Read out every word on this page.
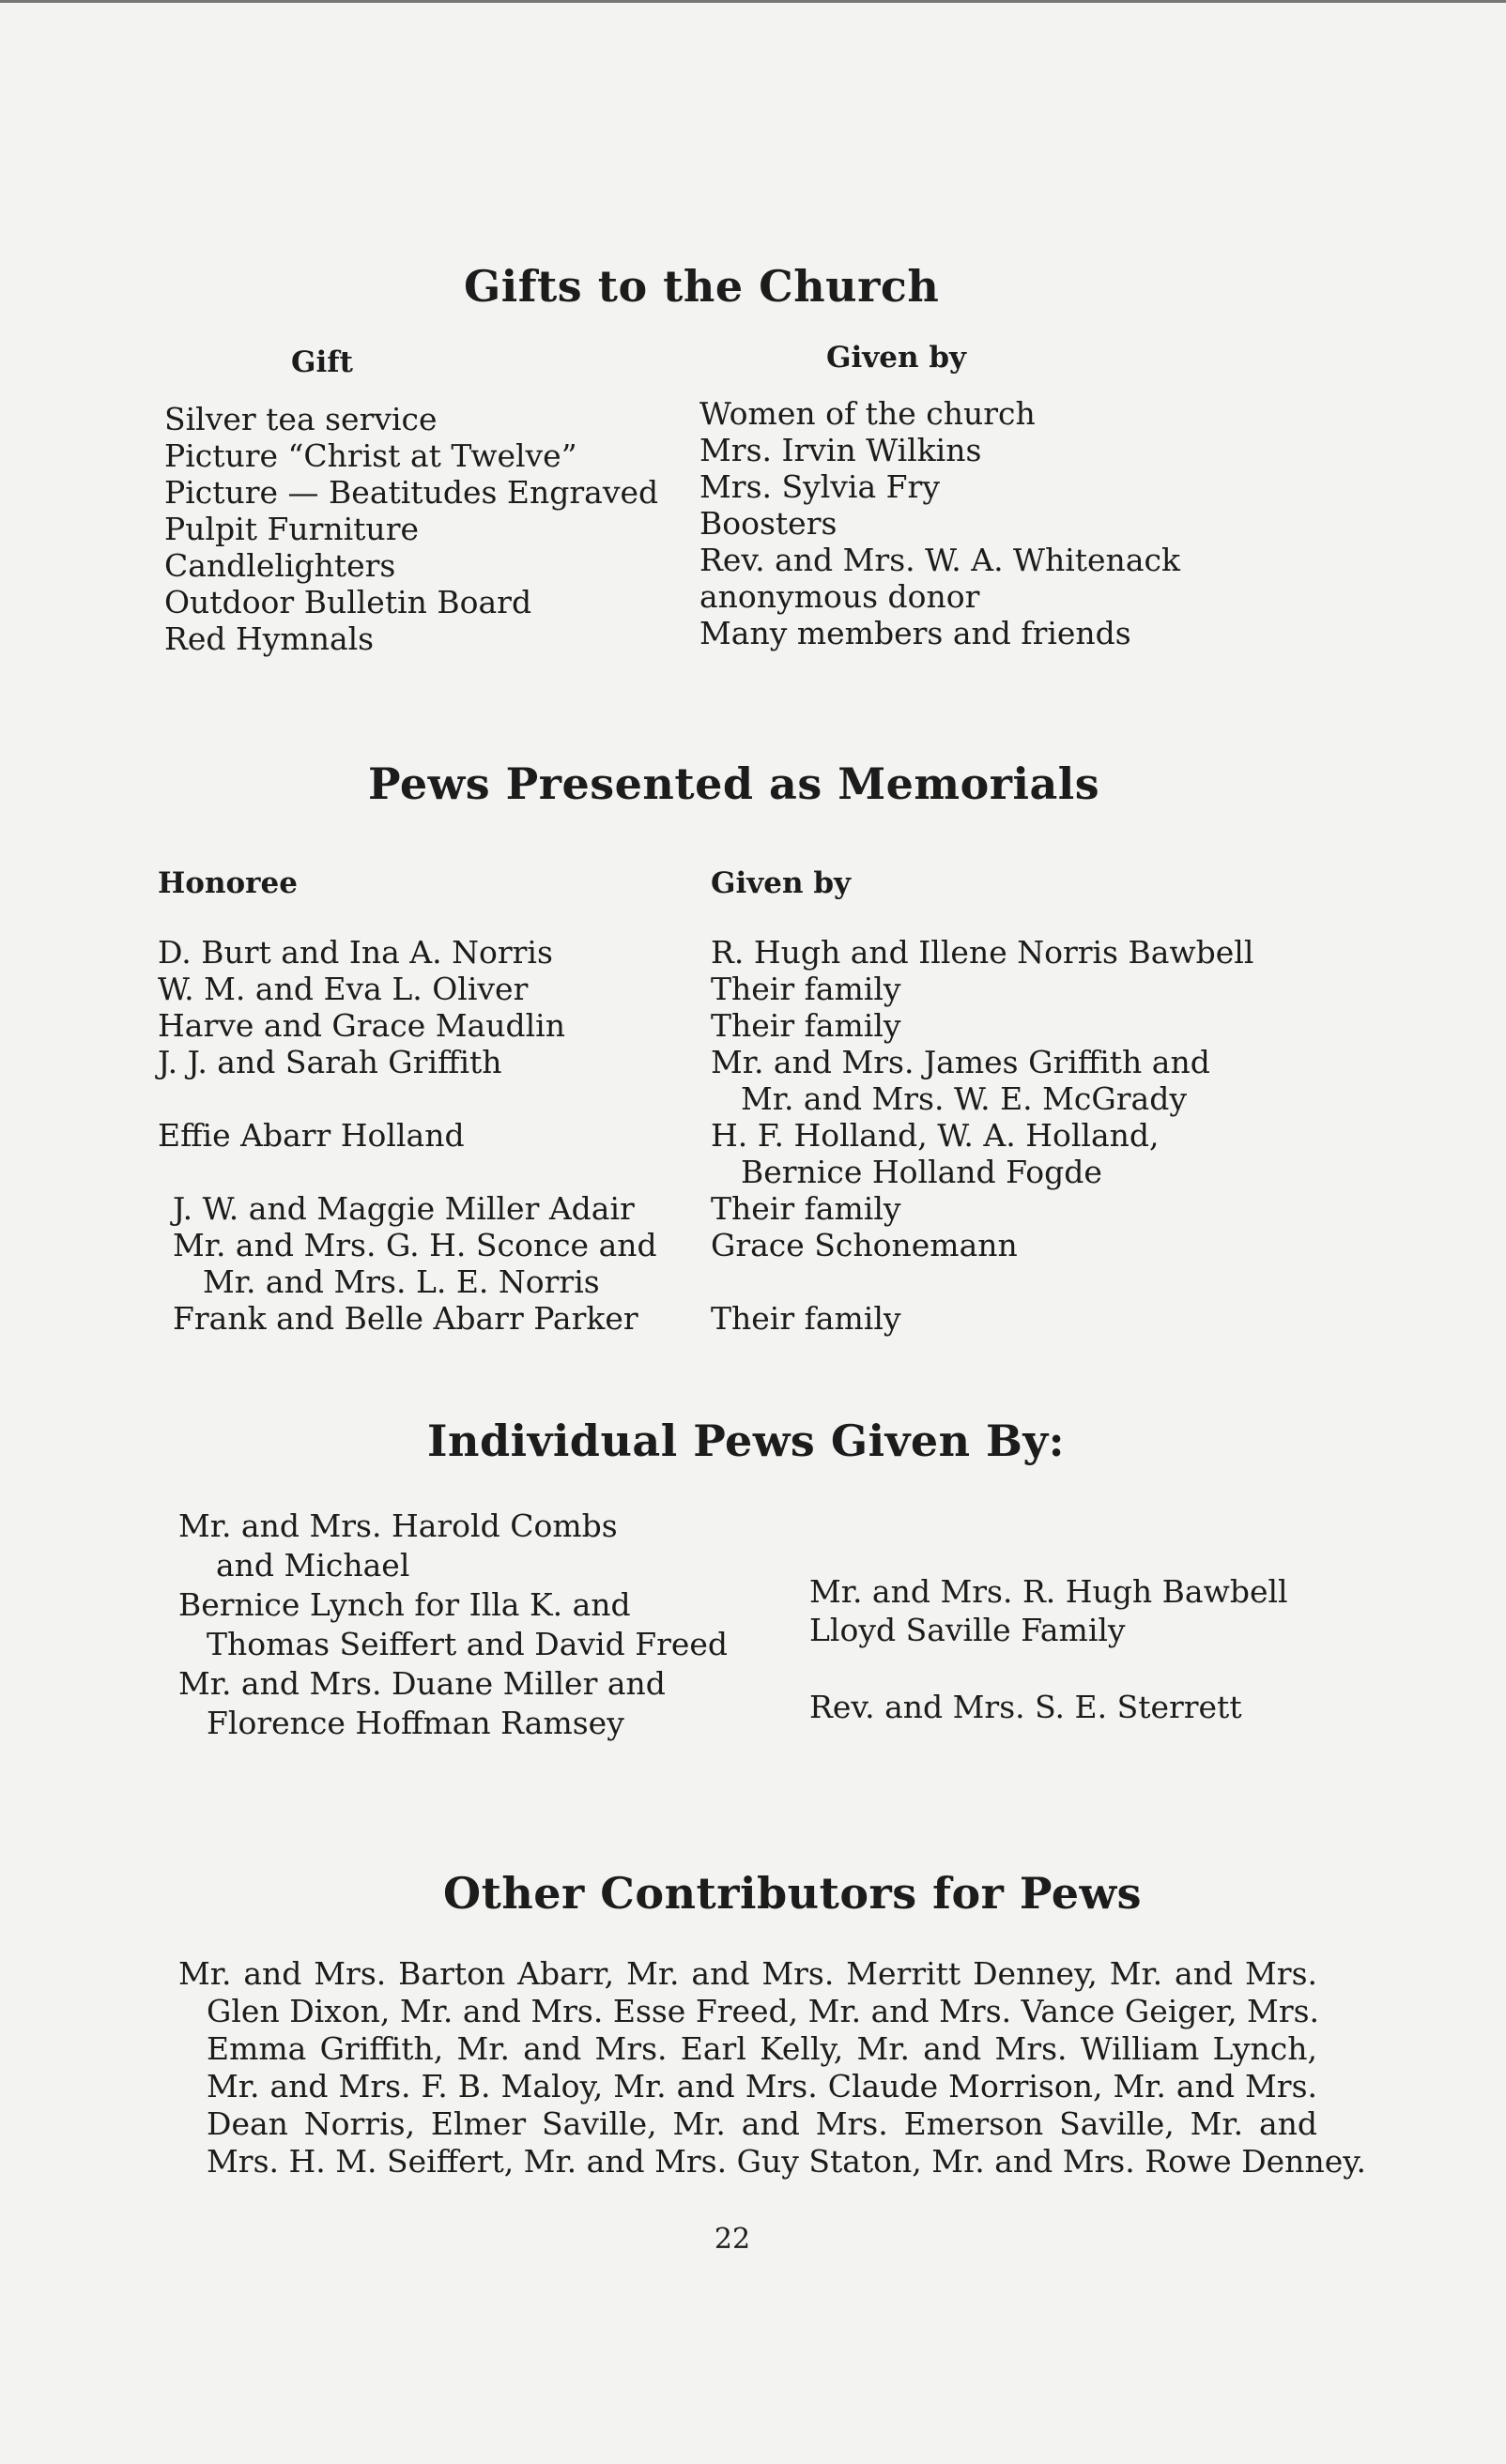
Gifts to the Church
Gift	Given by
Silver tea service
Picture “Christ at Twelve”
Picture — Beatitudes Engraved
Pulpit Furniture
Candlelighters
Outdoor Bulletin Board
Red Hymnals
Women of the church
Mrs. Irvin Wilkins
Mrs. Sylvia Fry
Boosters
Rev. and Mrs. W. A. Whitenack
anonymous donor
Many members and friends
Pews Presented as Memorials
Honoree	Given by
D. Burt and Ina A. Norris
W. M. and Eva L. Oliver
Harve and Grace Maudlin
J. J. and Sarah Griffith
Effie Abarr Holland
J. W. and Maggie Miller Adair
Mr. and Mrs. G. H. Sconce and
Mr. and Mrs. L. E. Norris
Frank and Belle Abarr Parker
R. Hugh and Illene Norris Bawbell
Their family
Their family
Mr. and Mrs. James Griffith and
Mr. and Mrs. W. E. McGrady
H. F. Holland, W. A. Holland,
Bernice Holland Fogde
Their family
Grace Schonemann
Their family
Individual Pews Given By:
Mr. and Mrs. Harold Combs
and Michael
Bernice Lynch for Illa K. and
Thomas Seiffert and David Freed
Mr. and Mrs. Duane Miller and
Florence Hoffman Ramsey
Mr. and Mrs. R. Hugh Bawbell
Lloyd Saville Family
Rev. and Mrs. S. E. Sterrett
Other Contributors for Pews

Mr. and Mrs. Barton Abarr, Mr. and Mrs. Merritt Denney, Mr. and Mrs.
Glen Dixon, Mr. and Mrs. Esse Freed, Mr. and Mrs. Vance Geiger, Mrs.
Emma Griffith, Mr. and Mrs. Earl Kelly, Mr. and Mrs. William Lynch,
Mr. and Mrs. F. B. Maloy, Mr. and Mrs. Claude Morrison, Mr. and Mrs.
Dean Norris, Elmer Saville, Mr. and Mrs. Emerson Saville, Mr. and
Mrs. H. M. Seiffert, Mr. and Mrs. Guy Staton, Mr. and Mrs. Rowe Denney.

22
